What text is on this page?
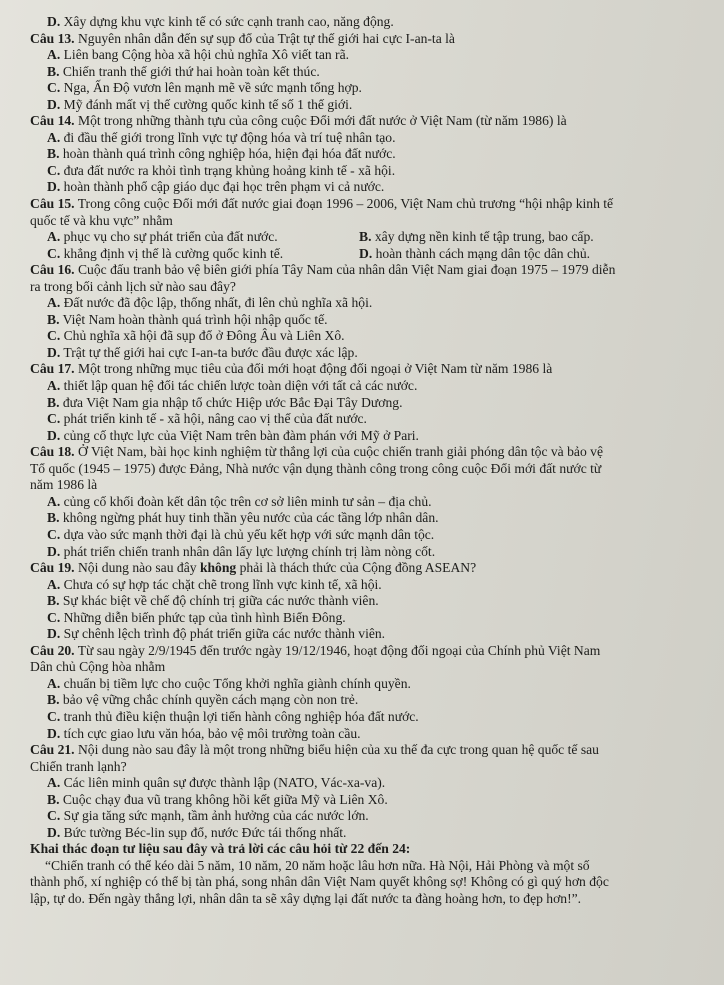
D. Xây dựng khu vực kinh tế có sức cạnh tranh cao, năng động.
Câu 13. Nguyên nhân dẫn đến sự sụp đổ của Trật tự thế giới hai cực I-an-ta là
A. Liên bang Cộng hòa xã hội chủ nghĩa Xô viết tan rã.
B. Chiến tranh thế giới thứ hai hoàn toàn kết thúc.
C. Nga, Ấn Độ vươn lên mạnh mẽ về sức mạnh tổng hợp.
D. Mỹ đánh mất vị thế cường quốc kinh tế số 1 thế giới.
Câu 14. Một trong những thành tựu của công cuộc Đổi mới đất nước ở Việt Nam (từ năm 1986) là
A. đi đầu thế giới trong lĩnh vực tự động hóa và trí tuệ nhân tạo.
B. hoàn thành quá trình công nghiệp hóa, hiện đại hóa đất nước.
C. đưa đất nước ra khỏi tình trạng khủng hoảng kinh tế - xã hội.
D. hoàn thành phổ cập giáo dục đại học trên phạm vi cả nước.
Câu 15. Trong công cuộc Đổi mới đất nước giai đoạn 1996 – 2006, Việt Nam chủ trương “hội nhập kinh tế
quốc tế và khu vực” nhằm
A. phục vụ cho sự phát triển của đất nước.	B. xây dựng nền kinh tế tập trung, bao cấp.
C. khẳng định vị thế là cường quốc kinh tế.	D. hoàn thành cách mạng dân tộc dân chủ.
Câu 16. Cuộc đấu tranh bảo vệ biên giới phía Tây Nam của nhân dân Việt Nam giai đoạn 1975 – 1979 diễn
ra trong bối cảnh lịch sử nào sau đây?
A. Đất nước đã độc lập, thống nhất, đi lên chủ nghĩa xã hội.
B. Việt Nam hoàn thành quá trình hội nhập quốc tế.
C. Chủ nghĩa xã hội đã sụp đổ ở Đông Âu và Liên Xô.
D. Trật tự thế giới hai cực I-an-ta bước đầu được xác lập.
Câu 17. Một trong những mục tiêu của đối mới hoạt động đối ngoại ở Việt Nam từ năm 1986 là
A. thiết lập quan hệ đối tác chiến lược toàn diện với tất cả các nước.
B. đưa Việt Nam gia nhập tổ chức Hiệp ước Bắc Đại Tây Dương.
C. phát triển kinh tế - xã hội, nâng cao vị thế của đất nước.
D. củng cố thực lực của Việt Nam trên bàn đàm phán với Mỹ ở Pari.
Câu 18. Ở Việt Nam, bài học kinh nghiệm từ thắng lợi của cuộc chiến tranh giải phóng dân tộc và bảo vệ
Tổ quốc (1945 – 1975) được Đảng, Nhà nước vận dụng thành công trong công cuộc Đổi mới đất nước từ
năm 1986 là
A. củng cố khối đoàn kết dân tộc trên cơ sở liên minh tư sản – địa chủ.
B. không ngừng phát huy tinh thần yêu nước của các tầng lớp nhân dân.
C. dựa vào sức mạnh thời đại là chủ yếu kết hợp với sức mạnh dân tộc.
D. phát triển chiến tranh nhân dân lấy lực lượng chính trị làm nòng cốt.
Câu 19. Nội dung nào sau đây không phải là thách thức của Cộng đồng ASEAN?
A. Chưa có sự hợp tác chặt chẽ trong lĩnh vực kinh tế, xã hội.
B. Sự khác biệt về chế độ chính trị giữa các nước thành viên.
C. Những diễn biến phức tạp của tình hình Biển Đông.
D. Sự chênh lệch trình độ phát triển giữa các nước thành viên.
Câu 20. Từ sau ngày 2/9/1945 đến trước ngày 19/12/1946, hoạt động đối ngoại của Chính phủ Việt Nam
Dân chủ Cộng hòa nhằm
A. chuẩn bị tiềm lực cho cuộc Tổng khởi nghĩa giành chính quyền.
B. bảo vệ vững chắc chính quyền cách mạng còn non trẻ.
C. tranh thủ điều kiện thuận lợi tiến hành công nghiệp hóa đất nước.
D. tích cực giao lưu văn hóa, bảo vệ môi trường toàn cầu.
Câu 21. Nội dung nào sau đây là một trong những biểu hiện của xu thế đa cực trong quan hệ quốc tế sau
Chiến tranh lạnh?
A. Các liên minh quân sự được thành lập (NATO, Vác-xa-va).
B. Cuộc chạy đua vũ trang không hồi kết giữa Mỹ và Liên Xô.
C. Sự gia tăng sức mạnh, tầm ảnh hưởng của các nước lớn.
D. Bức tường Béc-lin sụp đổ, nước Đức tái thống nhất.
Khai thác đoạn tư liệu sau đây và trả lời các câu hỏi từ 22 đến 24:
“Chiến tranh có thể kéo dài 5 năm, 10 năm, 20 năm hoặc lâu hơn nữa. Hà Nội, Hải Phòng và một số
thành phố, xí nghiệp có thể bị tàn phá, song nhân dân Việt Nam quyết không sợ! Không có gì quý hơn độc
lập, tự do. Đến ngày thắng lợi, nhân dân ta sẽ xây dựng lại đất nước ta đàng hoàng hơn, to đẹp hơn!”.
